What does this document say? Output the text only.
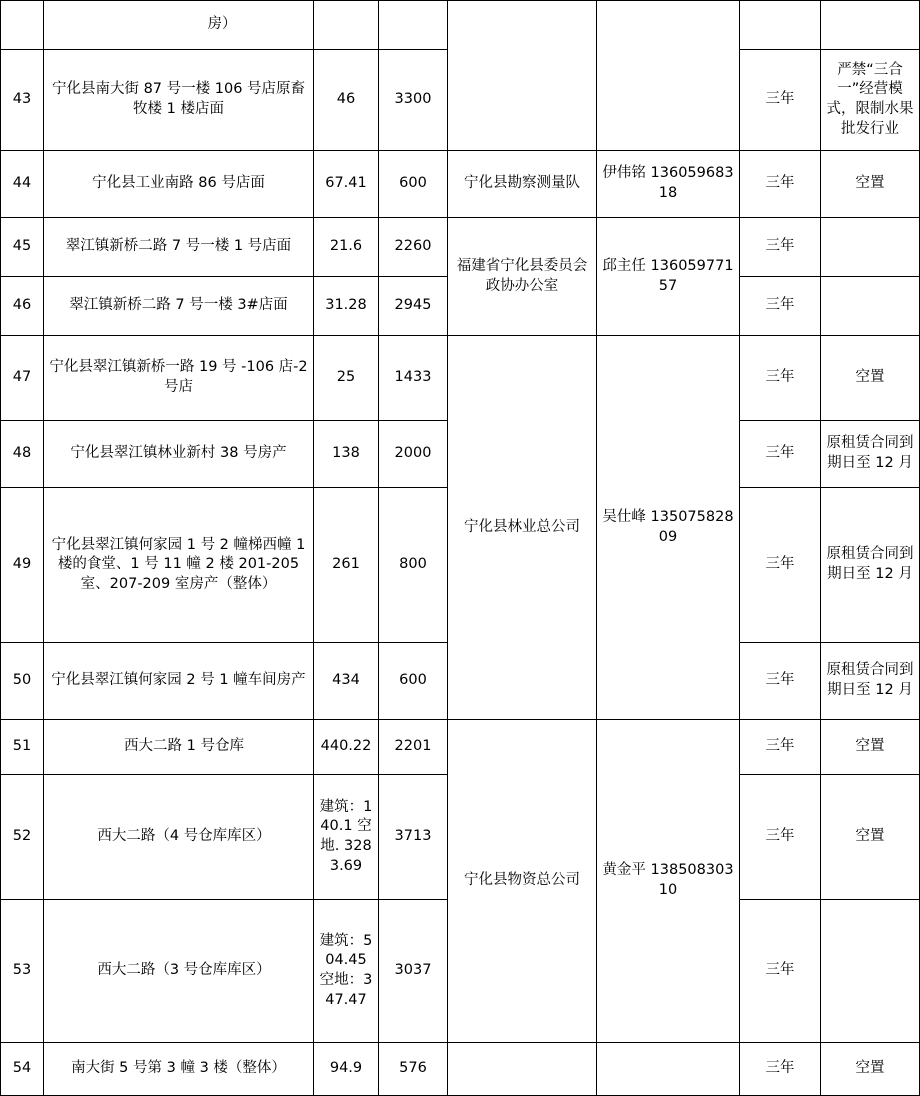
	房）						
43	宁化县南大街 87 号一楼 106 号店原畜牧楼 1 楼店面	46	3300			三年	严禁“三合一”经营模式，限制水果批发行业
44	宁化县工业南路 86 号店面	67.41	600	宁化县勘察测量队	伊伟铭 13605968318	三年	空置
45	翠江镇新桥二路 7 号一楼 1 号店面	21.6	2260	福建省宁化县委员会政协办公室	邱主任 13605977157	三年	
46	翠江镇新桥二路 7 号一楼 3#店面	31.28	2945			三年	
47	宁化县翠江镇新桥一路 19 号 -106 店-2 号店	25	1433	宁化县林业总公司	吴仕峰 13507582809	三年	空置
48	宁化县翠江镇林业新村 38 号房产	138	2000			三年	原租赁合同到期日至 12 月
49	宁化县翠江镇何家园 1 号 2 幢梯西幢 1 楼的食堂、1 号 11 幢 2 楼 201-205 室、207-209 室房产（整体）	261	800			三年	原租赁合同到期日至 12 月
50	宁化县翠江镇何家园 2 号 1 幢车间房产	434	600			三年	原租赁合同到期日至 12 月
51	西大二路 1 号仓库	440.22	2201	宁化县物资总公司	黄金平 13850830310	三年	空置
52	西大二路（4 号仓库库区）	建筑：140.1 空地. 3283.69	3713			三年	空置
53	西大二路（3 号仓库库区）	建筑：504.45 空地：347.47	3037			三年	
54	南大街 5 号第 3 幢 3 楼（整体）	94.9	576			三年	空置
